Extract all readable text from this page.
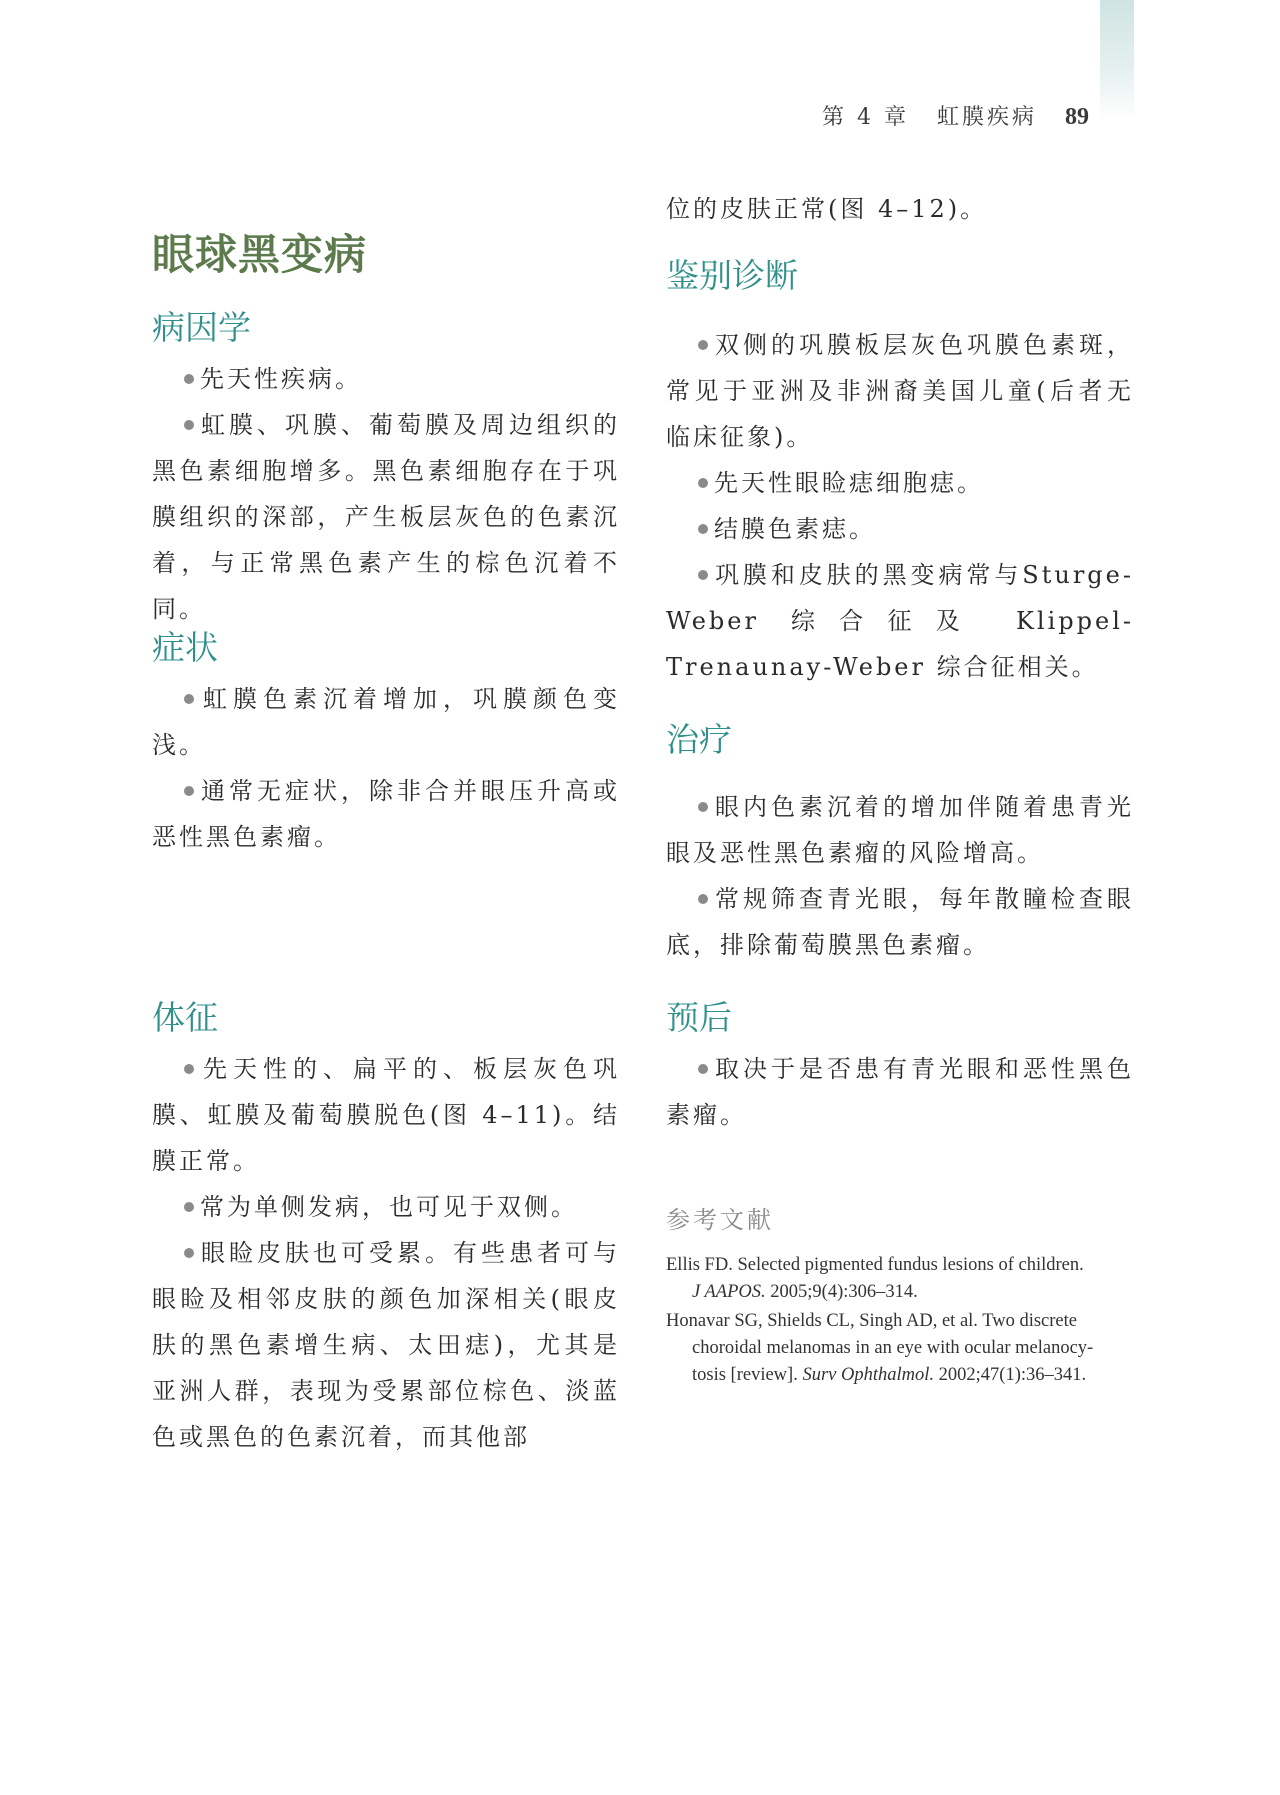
第 4 章 虹膜疾病 89
眼球黑变病
病因学

先天性疾病。

虹膜、巩膜、葡萄膜及周边组织的黑色素细胞增多。黑色素细胞存在于巩膜组织的深部，产生板层灰色的色素沉着，与正常黑色素产生的棕色沉着不同。

症状

虹膜色素沉着增加，巩膜颜色变浅。

通常无症状，除非合并眼压升高或恶性黑色素瘤。

体征

先天性的、扁平的、板层灰色巩膜、虹膜及葡萄膜脱色(图 4–11)。结膜正常。

常为单侧发病，也可见于双侧。

眼睑皮肤也可受累。有些患者可与眼睑及相邻皮肤的颜色加深相关(眼皮肤的黑色素增生病、太田痣)，尤其是亚洲人群，表现为受累部位棕色、淡蓝色或黑色的色素沉着，而其他部

位的皮肤正常(图 4–12)。

鉴别诊断

双侧的巩膜板层灰色巩膜色素斑，常见于亚洲及非洲裔美国儿童(后者无临床征象)。

先天性眼睑痣细胞痣。

结膜色素痣。

巩膜和皮肤的黑变病常与Sturge-Weber 综合征及 Klippel-Trenaunay-Weber 综合征相关。

治疗

眼内色素沉着的增加伴随着患青光眼及恶性黑色素瘤的风险增高。

常规筛查青光眼，每年散瞳检查眼底，排除葡萄膜黑色素瘤。

预后

取决于是否患有青光眼和恶性黑色素瘤。

参考文献

Ellis FD. Selected pigmented fundus lesions of children.
J AAPOS. 2005;9(4):306–314.

Honavar SG, Shields CL, Singh AD, et al. Two discrete
choroidal melanomas in an eye with ocular melanocy-
tosis [review]. Surv Ophthalmol. 2002;47(1):36–341.
